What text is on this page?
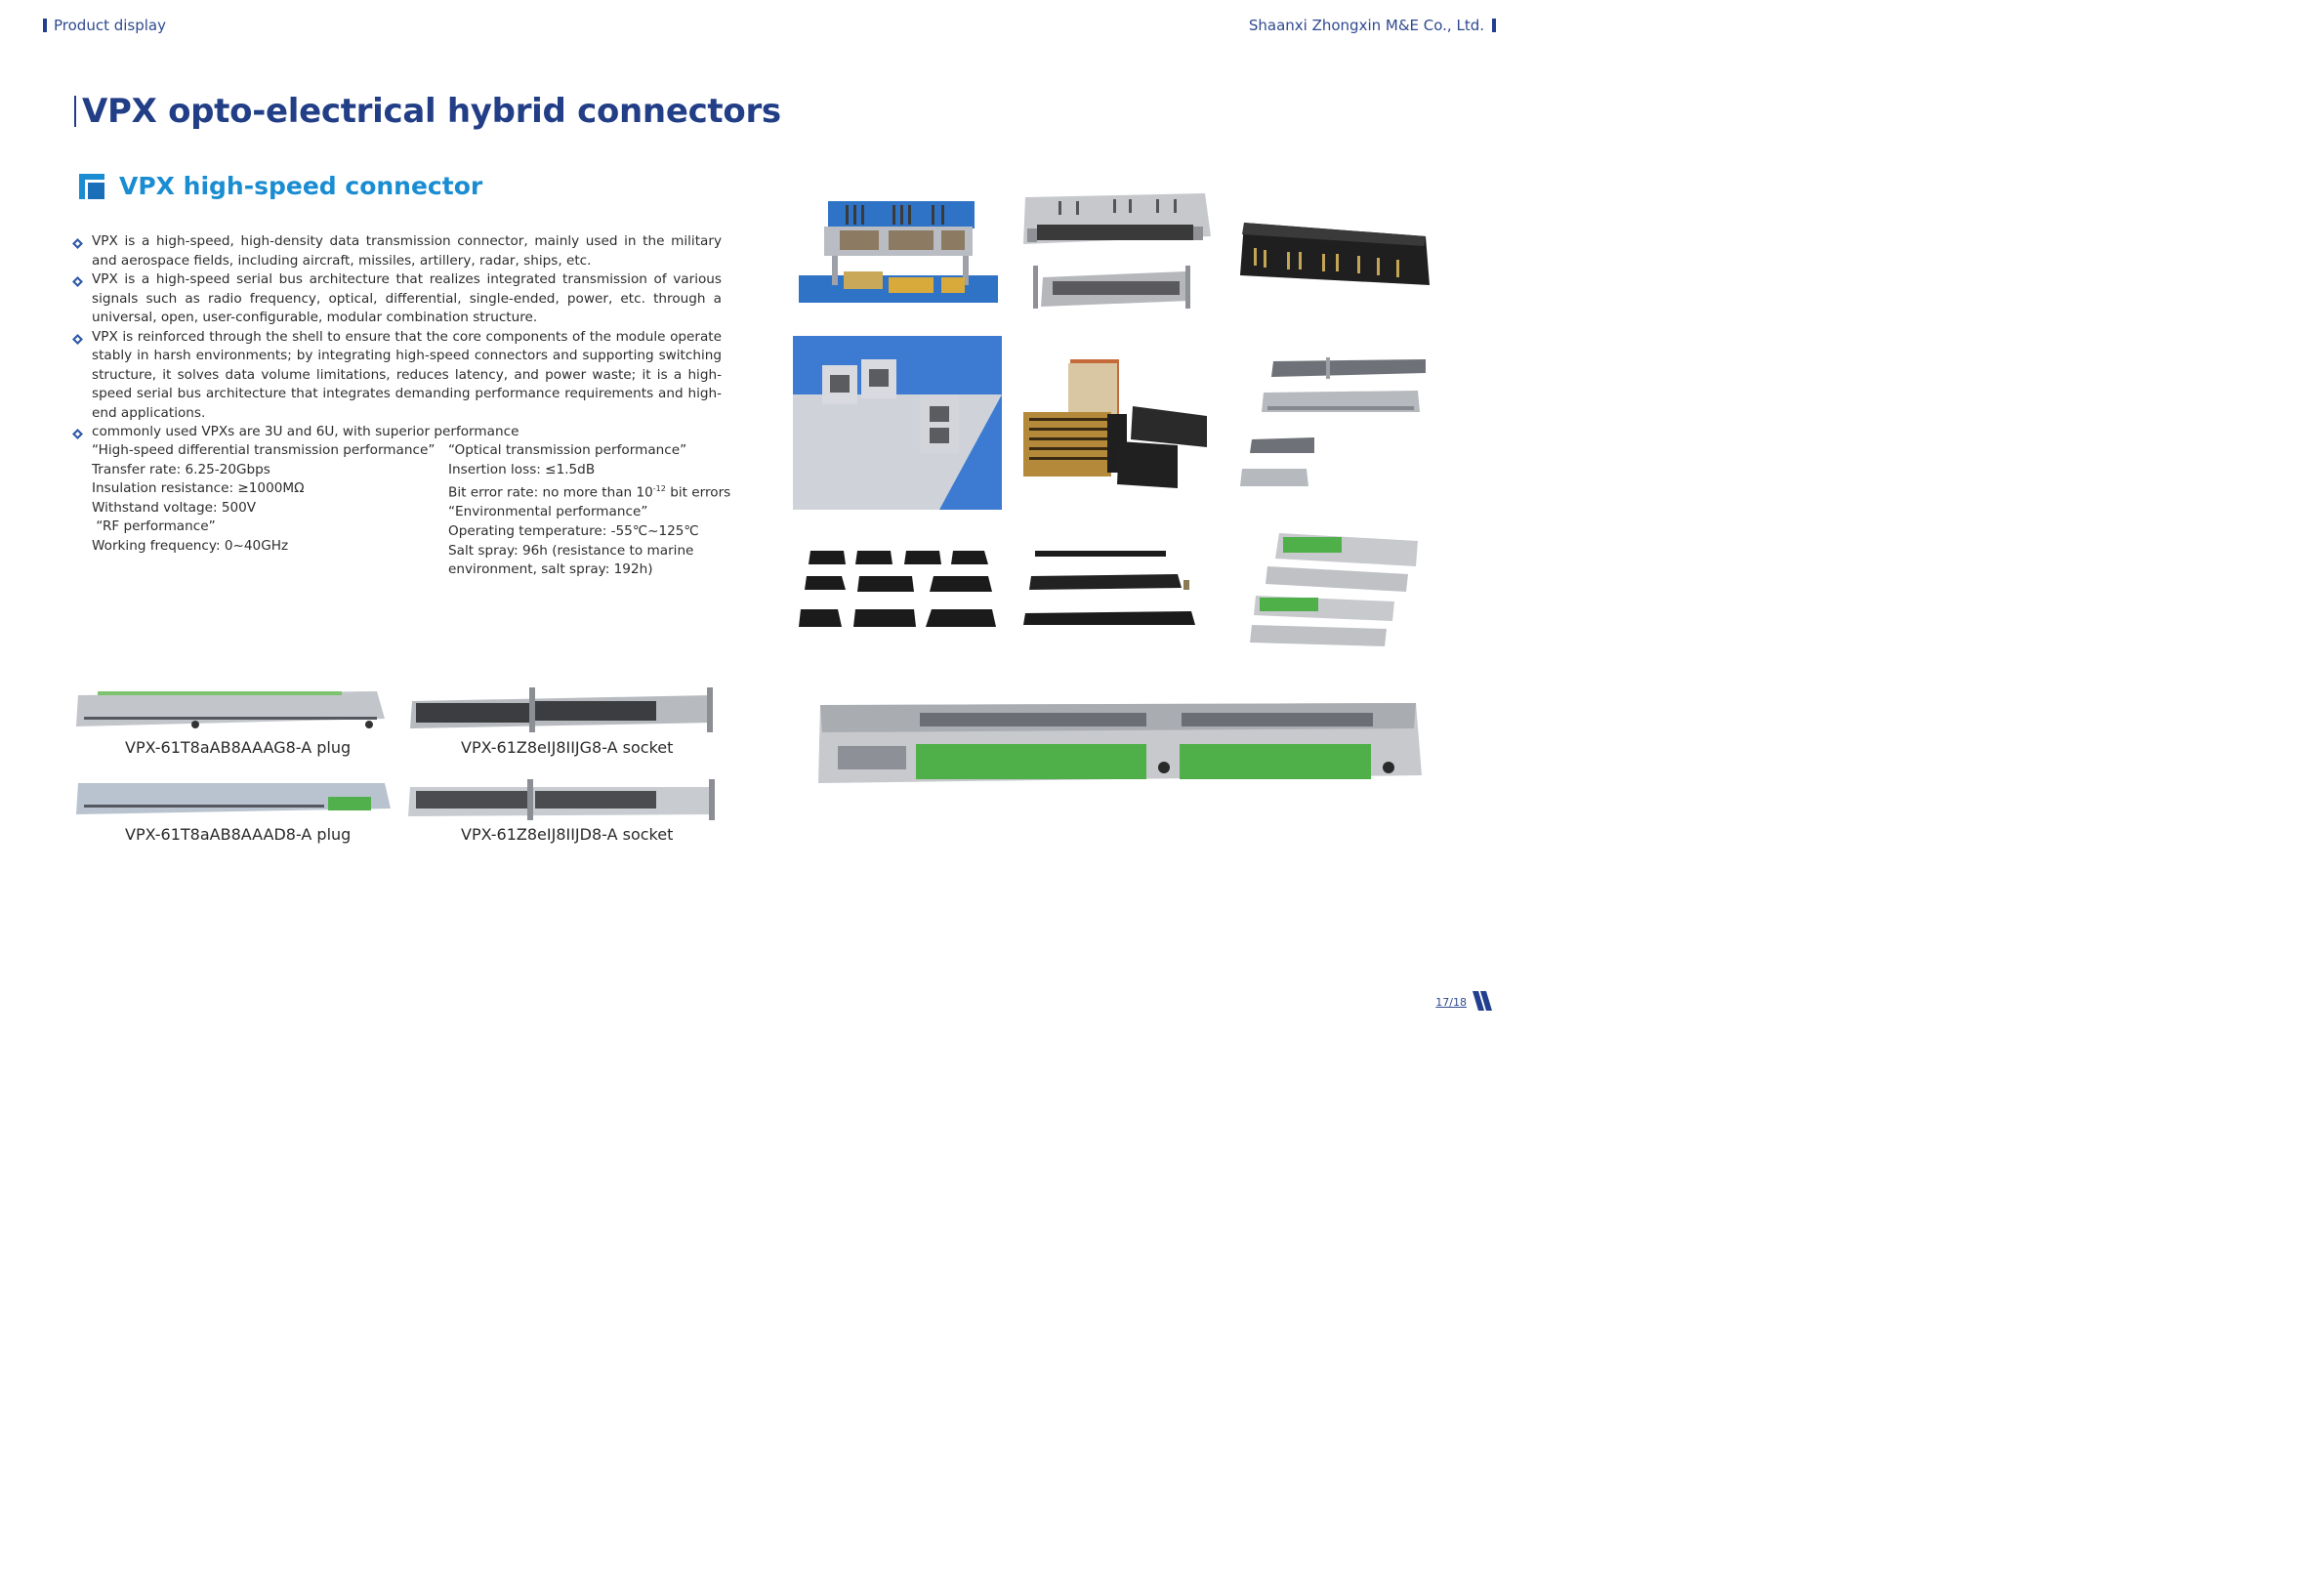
Product display	Shaanxi Zhongxin M&E Co., Ltd.
VPX opto-electrical hybrid connectors
VPX high-speed connector
VPX is a high-speed, high-density data transmission connector, mainly used in the military and aerospace fields, including aircraft, missiles, artillery, radar, ships, etc.
VPX is a high-speed serial bus architecture that realizes integrated transmission of various signals such as radio frequency, optical, differential, single-ended, power, etc. through a universal, open, user-configurable, modular combination structure.
VPX is reinforced through the shell to ensure that the core components of the module operate stably in harsh environments; by integrating high-speed connectors and supporting switching structure, it solves data volume limitations, reduces latency, and power waste; it is a high-speed serial bus architecture that integrates demanding performance requirements and high-end applications.
commonly used VPXs are 3U and 6U, with superior performance
“High-speed differential transmission performance”
Transfer rate: 6.25-20Gbps
Insulation resistance: ≥1000MΩ
Withstand voltage: 500V
“RF performance”
Working frequency: 0~40GHz
“Optical transmission performance”
Insertion loss: ≤1.5dB
Bit error rate: no more than $10^{-12}$ bit errors
“Environmental performance”
Operating temperature: -55℃~125℃
Salt spray: 96h (resistance to marine
environment, salt spray: 192h)
VPX-61T8aAB8AAAG8-A plug	VPX-61Z8eIJ8IIJG8-A socket
VPX-61T8aAB8AAAD8-A plug	VPX-61Z8eIJ8IIJD8-A socket
17/18
